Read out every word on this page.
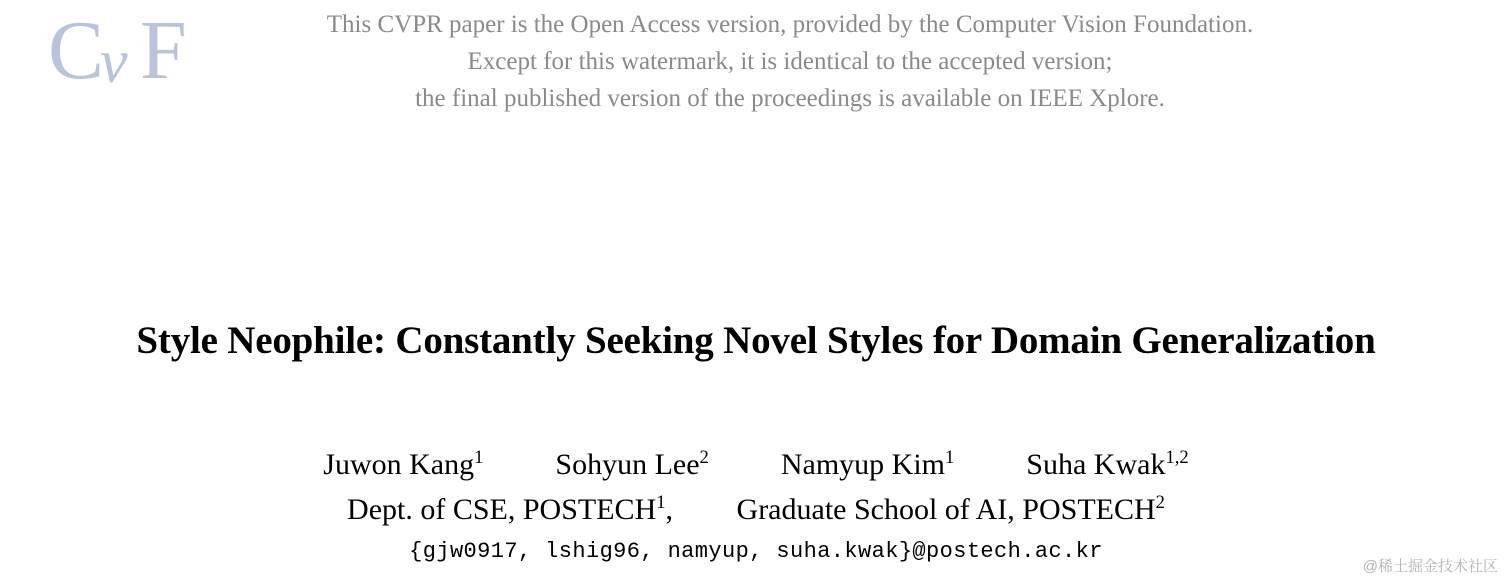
C
v F	This CVPR paper is the Open Access version, provided by the Computer Vision Foundation.
Except for this watermark, it is identical to the accepted version;
the final published version of the proceedings is available on IEEE Xplore.
Style Neophile: Constantly Seeking Novel Styles for Domain Generalization
Juwon Kang$^1$	Sohyun Lee$^2$	Namyup Kim$^1$	Suha Kwak$^{1,2}$
Dept. of CSE, POSTECH$^1$, Graduate School of AI, POSTECH$^2$
{gjw0917, lshig96, namyup, suha.kwak}@postech.ac.kr
@稀土掘金技术社区
